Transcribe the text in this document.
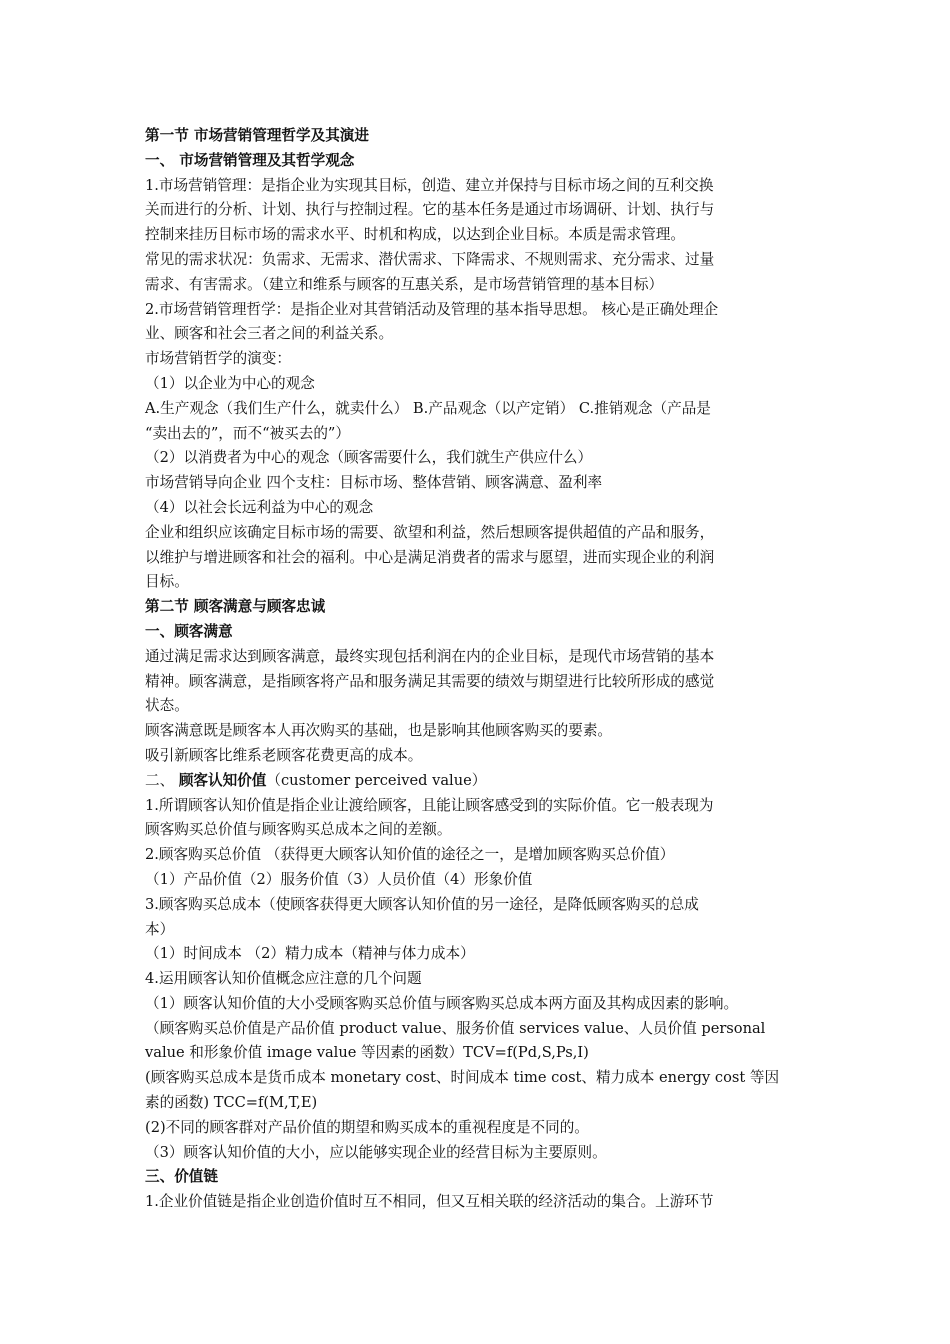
第一节 市场营销管理哲学及其演进

一、 市场营销管理及其哲学观念

1.市场营销管理：是指企业为实现其目标，创造、建立并保持与目标市场之间的互利交换

关而进行的分析、计划、执行与控制过程。它的基本任务是通过市场调研、计划、执行与

控制来挂历目标市场的需求水平、时机和构成，以达到企业目标。本质是需求管理。

常见的需求状况：负需求、无需求、潜伏需求、下降需求、不规则需求、充分需求、过量

需求、有害需求。（建立和维系与顾客的互惠关系，是市场营销管理的基本目标）

2.市场营销管理哲学：是指企业对其营销活动及管理的基本指导思想。 核心是正确处理企

业、顾客和社会三者之间的利益关系。

市场营销哲学的演变：

（1）以企业为中心的观念

A.生产观念（我们生产什么，就卖什么） B.产品观念（以产定销） C.推销观念（产品是

“卖出去的”，而不“被买去的”）

（2）以消费者为中心的观念（顾客需要什么，我们就生产供应什么）

市场营销导向企业 四个支柱：目标市场、整体营销、顾客满意、盈利率

（4）以社会长远利益为中心的观念

企业和组织应该确定目标市场的需要、欲望和利益，然后想顾客提供超值的产品和服务，

以维护与增进顾客和社会的福利。中心是满足消费者的需求与愿望，进而实现企业的利润

目标。

第二节 顾客满意与顾客忠诚

一、顾客满意

通过满足需求达到顾客满意，最终实现包括利润在内的企业目标，是现代市场营销的基本

精神。顾客满意，是指顾客将产品和服务满足其需要的绩效与期望进行比较所形成的感觉

状态。

顾客满意既是顾客本人再次购买的基础，也是影响其他顾客购买的要素。

吸引新顾客比维系老顾客花费更高的成本。

二、 顾客认知价值（customer perceived value）

1.所谓顾客认知价值是指企业让渡给顾客，且能让顾客感受到的实际价值。它一般表现为

顾客购买总价值与顾客购买总成本之间的差额。

2.顾客购买总价值 （获得更大顾客认知价值的途径之一，是增加顾客购买总价值）

（1）产品价值（2）服务价值（3）人员价值（4）形象价值

3.顾客购买总成本（使顾客获得更大顾客认知价值的另一途径，是降低顾客购买的总成

本）

（1）时间成本 （2）精力成本（精神与体力成本）

4.运用顾客认知价值概念应注意的几个问题

（1）顾客认知价值的大小受顾客购买总价值与顾客购买总成本两方面及其构成因素的影响。

（顾客购买总价值是产品价值 product value、服务价值 services value、人员价值 personal

value 和形象价值 image value 等因素的函数）TCV=f(Pd,S,Ps,I)

(顾客购买总成本是货币成本 monetary cost、时间成本 time cost、精力成本 energy cost 等因

素的函数) TCC=f(M,T,E)

(2)不同的顾客群对产品价值的期望和购买成本的重视程度是不同的。

（3）顾客认知价值的大小，应以能够实现企业的经营目标为主要原则。

三、价值链

1.企业价值链是指企业创造价值时互不相同，但又互相关联的经济活动的集合。上游环节
